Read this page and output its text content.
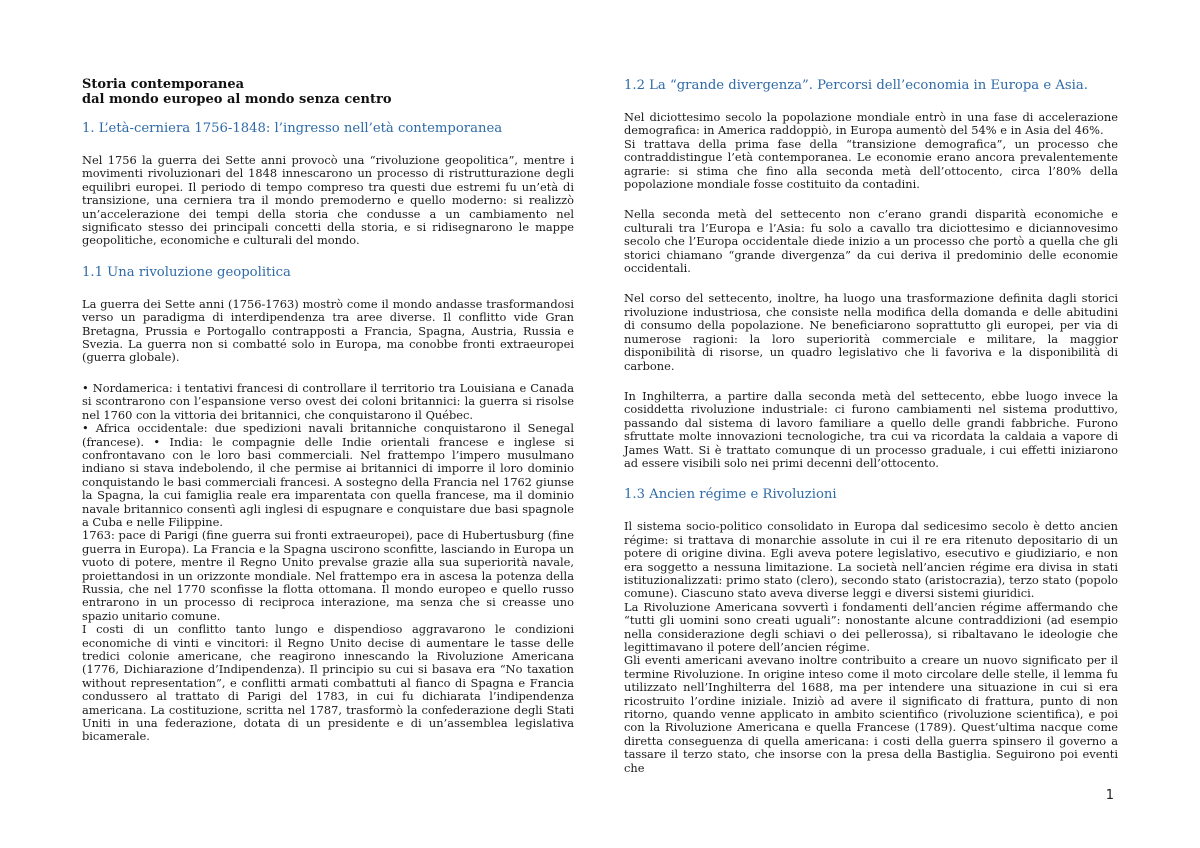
Storia contemporanea
dal mondo europeo al mondo senza centro
1. L’età-cerniera 1756-1848: l’ingresso nell’età contemporanea

Nel 1756 la guerra dei Sette anni provocò una “rivoluzione geopolitica”, mentre i movimenti rivoluzionari del 1848 innescarono un processo di ristrutturazione degli equilibri europei. Il periodo di tempo compreso tra questi due estremi fu un’età di transizione, una cerniera tra il mondo premoderno e quello moderno: si realizzò un’accelerazione dei tempi della storia che condusse a un cambiamento nel significato stesso dei principali concetti della storia, e si ridisegnarono le mappe geopolitiche, economiche e culturali del mondo.

1.1 Una rivoluzione geopolitica

La guerra dei Sette anni (1756-1763) mostrò come il mondo andasse trasformandosi verso un paradigma di interdipendenza tra aree diverse. Il conflitto vide Gran Bretagna, Prussia e Portogallo contrapposti a Francia, Spagna, Austria, Russia e Svezia. La guerra non si combatté solo in Europa, ma conobbe fronti extraeuropei (guerra globale).

• Nordamerica: i tentativi francesi di controllare il territorio tra Louisiana e Canada si scontrarono con l’espansione verso ovest dei coloni britannici: la guerra si risolse nel 1760 con la vittoria dei britannici, che conquistarono il Québec.

• Africa occidentale: due spedizioni navali britanniche conquistarono il Senegal (francese). • India: le compagnie delle Indie orientali francese e inglese si confrontavano con le loro basi commerciali. Nel frattempo l’impero musulmano indiano si stava indebolendo, il che permise ai britannici di imporre il loro dominio conquistando le basi commerciali francesi. A sostegno della Francia nel 1762 giunse la Spagna, la cui famiglia reale era imparentata con quella francese, ma il dominio navale britannico consentì agli inglesi di espugnare e conquistare due basi spagnole a Cuba e nelle Filippine.

1763: pace di Parigi (fine guerra sui fronti extraeuropei), pace di Hubertusburg (fine guerra in Europa). La Francia e la Spagna uscirono sconfitte, lasciando in Europa un vuoto di potere, mentre il Regno Unito prevalse grazie alla sua superiorità navale, proiettandosi in un orizzonte mondiale. Nel frattempo era in ascesa la potenza della Russia, che nel 1770 sconfisse la flotta ottomana. Il mondo europeo e quello russo entrarono in un processo di reciproca interazione, ma senza che si creasse uno spazio unitario comune.

I costi di un conflitto tanto lungo e dispendioso aggravarono le condizioni economiche di vinti e vincitori: il Regno Unito decise di aumentare le tasse delle tredici colonie americane, che reagirono innescando la Rivoluzione Americana (1776, Dichiarazione d’Indipendenza). Il principio su cui si basava era “No taxation without representation”, e conflitti armati combattuti al fianco di Spagna e Francia condussero al trattato di Parigi del 1783, in cui fu dichiarata l’indipendenza americana. La costituzione, scritta nel 1787, trasformò la confederazione degli Stati Uniti in una federazione, dotata di un presidente e di un’assemblea legislativa bicamerale.

1.2 La “grande divergenza”. Percorsi dell’economia in Europa e Asia.

Nel diciottesimo secolo la popolazione mondiale entrò in una fase di accelerazione demografica: in America raddoppiò, in Europa aumentò del 54% e in Asia del 46%.

Si trattava della prima fase della “transizione demografica”, un processo che contraddistingue l’età contemporanea. Le economie erano ancora prevalentemente agrarie: si stima che fino alla seconda metà dell’ottocento, circa l’80% della popolazione mondiale fosse costituito da contadini.

Nella seconda metà del settecento non c’erano grandi disparità economiche e culturali tra l’Europa e l’Asia: fu solo a cavallo tra diciottesimo e diciannovesimo secolo che l’Europa occidentale diede inizio a un processo che portò a quella che gli storici chiamano “grande divergenza” da cui deriva il predominio delle economie occidentali.

Nel corso del settecento, inoltre, ha luogo una trasformazione definita dagli storici rivoluzione industriosa, che consiste nella modifica della domanda e delle abitudini di consumo della popolazione. Ne beneficiarono soprattutto gli europei, per via di numerose ragioni: la loro superiorità commerciale e militare, la maggior disponibilità di risorse, un quadro legislativo che li favoriva e la disponibilità di carbone.

In Inghilterra, a partire dalla seconda metà del settecento, ebbe luogo invece la cosiddetta rivoluzione industriale: ci furono cambiamenti nel sistema produttivo, passando dal sistema di lavoro familiare a quello delle grandi fabbriche. Furono sfruttate molte innovazioni tecnologiche, tra cui va ricordata la caldaia a vapore di James Watt. Si è trattato comunque di un processo graduale, i cui effetti iniziarono ad essere visibili solo nei primi decenni dell’ottocento.

1.3 Ancien régime e Rivoluzioni

Il sistema socio-politico consolidato in Europa dal sedicesimo secolo è detto ancien régime: si trattava di monarchie assolute in cui il re era ritenuto depositario di un potere di origine divina. Egli aveva potere legislativo, esecutivo e giudiziario, e non era soggetto a nessuna limitazione. La società nell’ancien régime era divisa in stati istituzionalizzati: primo stato (clero), secondo stato (aristocrazia), terzo stato (popolo comune). Ciascuno stato aveva diverse leggi e diversi sistemi giuridici.

La Rivoluzione Americana sovvertì i fondamenti dell’ancien régime affermando che “tutti gli uomini sono creati uguali”: nonostante alcune contraddizioni (ad esempio nella considerazione degli schiavi o dei pellerossa), si ribaltavano le ideologie che legittimavano il potere dell’ancien régime.

Gli eventi americani avevano inoltre contribuito a creare un nuovo significato per il termine Rivoluzione. In origine inteso come il moto circolare delle stelle, il lemma fu utilizzato nell’Inghilterra del 1688, ma per intendere una situazione in cui si era ricostruito l’ordine iniziale. Iniziò ad avere il significato di frattura, punto di non ritorno, quando venne applicato in ambito scientifico (rivoluzione scientifica), e poi con la Rivoluzione Americana e quella Francese (1789). Quest’ultima nacque come diretta conseguenza di quella americana: i costi della guerra spinsero il governo a tassare il terzo stato, che insorse con la presa della Bastiglia. Seguirono poi eventi che

1
